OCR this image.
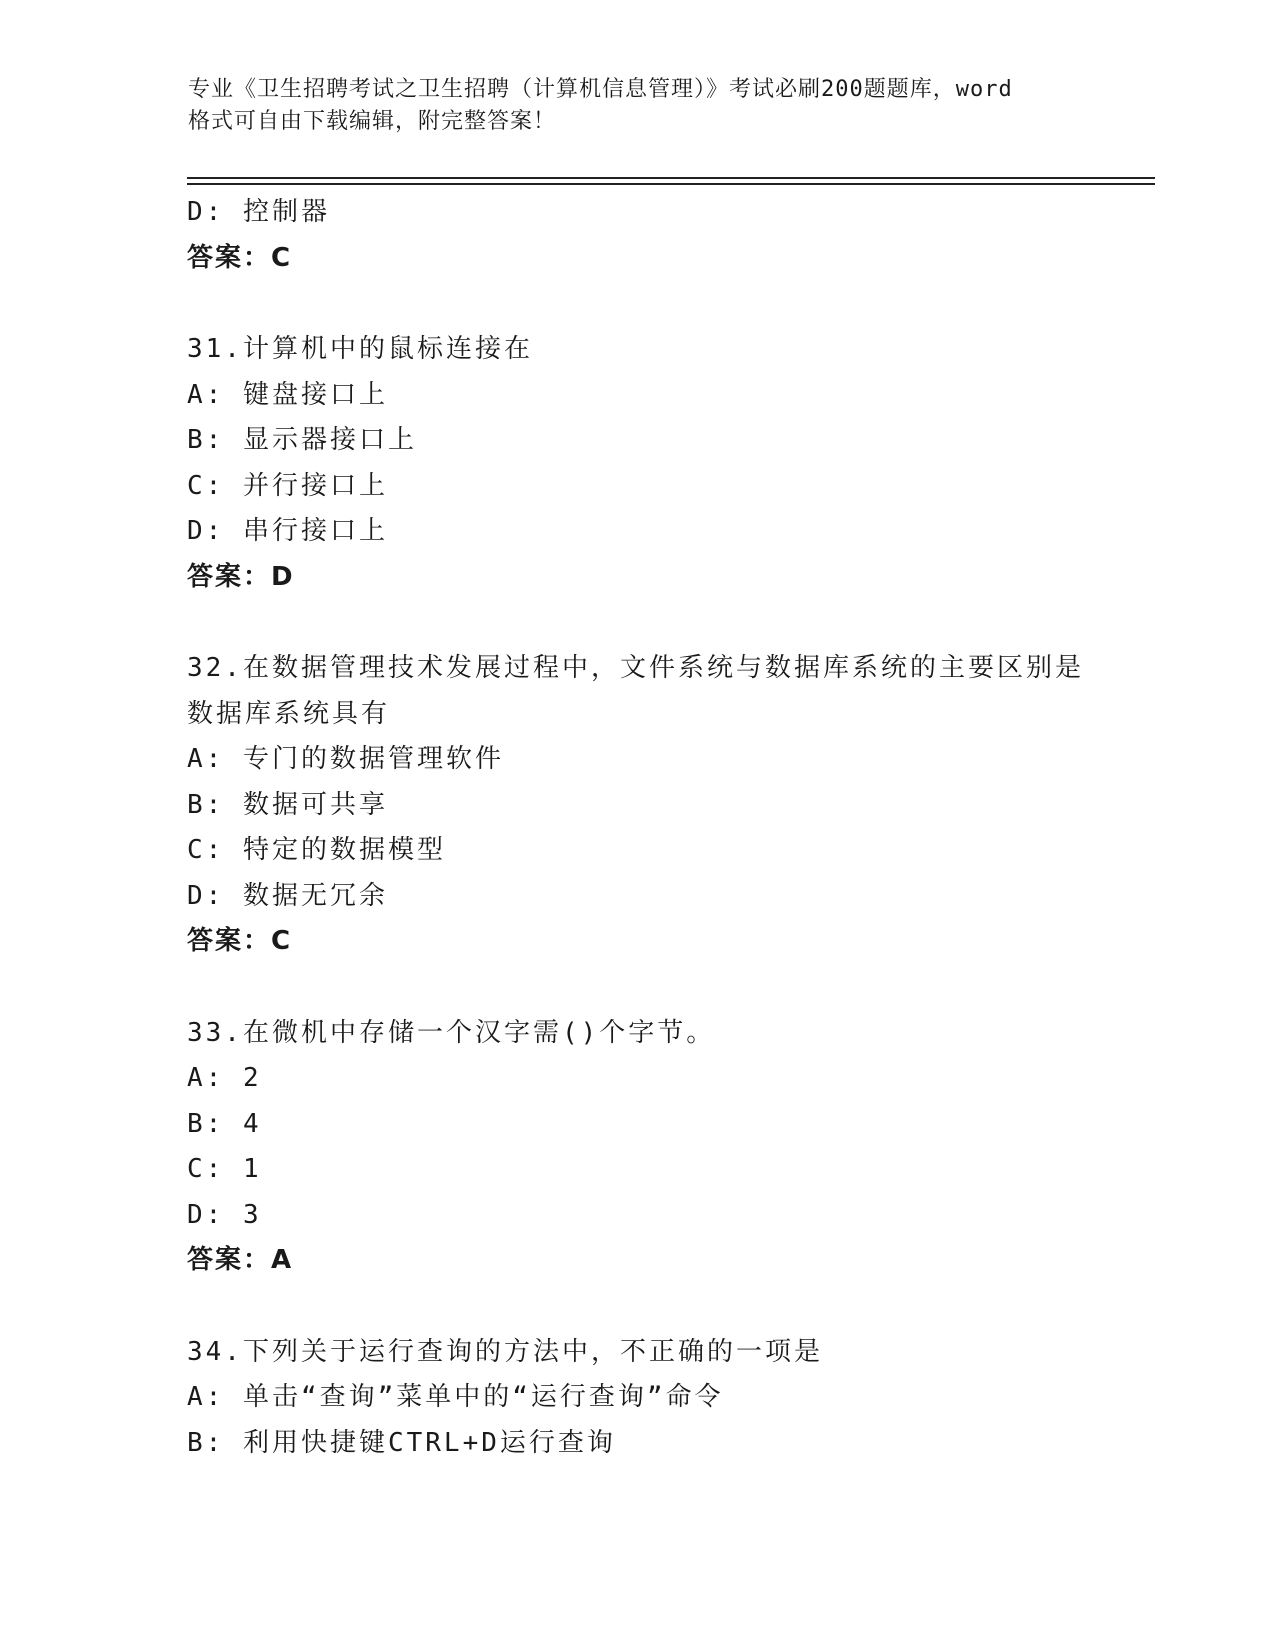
专业《卫生招聘考试之卫生招聘（计算机信息管理）》考试必刷200题题库，word
格式可自由下载编辑，附完整答案！
D: 控制器
答案：C
31.计算机中的鼠标连接在
A: 键盘接口上
B: 显示器接口上
C: 并行接口上
D: 串行接口上
答案：D
32.在数据管理技术发展过程中，文件系统与数据库系统的主要区别是
数据库系统具有
A: 专门的数据管理软件
B: 数据可共享
C: 特定的数据模型
D: 数据无冗余
答案：C
33.在微机中存储一个汉字需()个字节。
A: 2
B: 4
C: 1
D: 3
答案：A
34.下列关于运行查询的方法中，不正确的一项是
A: 单击“查询”菜单中的“运行查询”命令
B: 利用快捷键CTRL+D运行查询
